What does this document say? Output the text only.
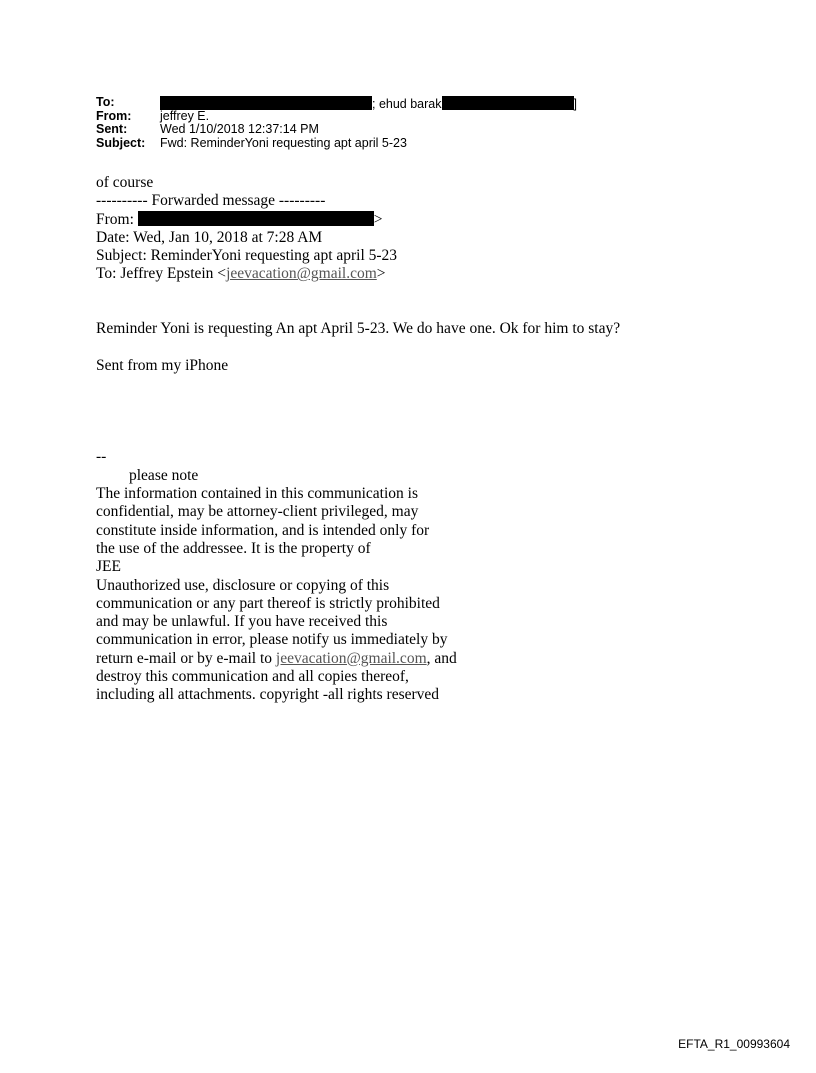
To:	; ehud barak	]
From: jeffrey E.
Sent:	Wed 1/10/2018 12:37:14 PM
Subject: Fwd: ReminderYoni requesting apt april 5-23
of course
---------- Forwarded message ---------
From:	>
Date: Wed, Jan 10, 2018 at 7:28 AM
Subject: ReminderYoni requesting apt april 5-23
To: Jeffrey Epstein <jeevacation@gmail.com>
Reminder Yoni is requesting An apt April 5-23. We do have one. Ok for him to stay?
Sent from my iPhone
--
please note
The information contained in this communication is
confidential, may be attorney-client privileged, may
constitute inside information, and is intended only for
the use of the addressee. It is the property of
JEE
Unauthorized use, disclosure or copying of this
communication or any part thereof is strictly prohibited
and may be unlawful. If you have received this
communication in error, please notify us immediately by
return e-mail or by e-mail to jeevacation@gmail.com, and
destroy this communication and all copies thereof,
including all attachments. copyright -all rights reserved
EFTA_R1_00993604
